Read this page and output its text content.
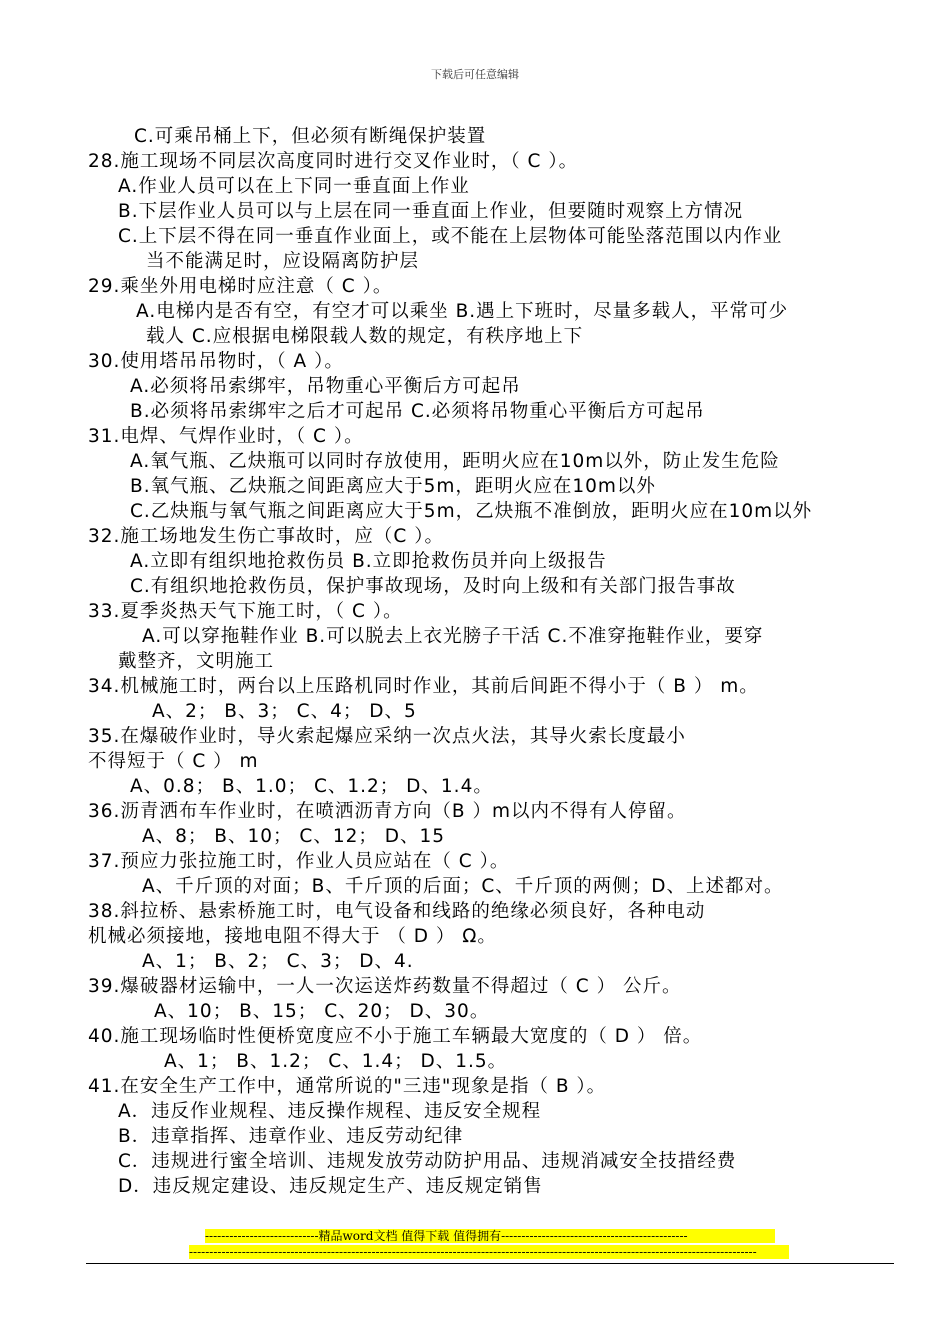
下载后可任意编辑
C.可乘吊桶上下，但必须有断绳保护装置
28.施工现场不同层次高度同时进行交叉作业时，（ C ）。
A.作业人员可以在上下同一垂直面上作业
B.下层作业人员可以与上层在同一垂直面上作业，但要随时观察上方情况
C.上下层不得在同一垂直作业面上，或不能在上层物体可能坠落范围以内作业
当不能满足时，应设隔离防护层
29.乘坐外用电梯时应注意（ C ）。
A.电梯内是否有空，有空才可以乘坐 B.遇上下班时，尽量多载人，平常可少
载人 C.应根据电梯限载人数的规定，有秩序地上下
30.使用塔吊吊物时，（ A ）。
A.必须将吊索绑牢，吊物重心平衡后方可起吊
B.必须将吊索绑牢之后才可起吊 C.必须将吊物重心平衡后方可起吊
31.电焊、气焊作业时，（ C ）。
A.氧气瓶、乙炔瓶可以同时存放使用，距明火应在10m以外，防止发生危险
B.氧气瓶、乙炔瓶之间距离应大于5m，距明火应在10m以外
C.乙炔瓶与氧气瓶之间距离应大于5m，乙炔瓶不准倒放，距明火应在10m以外
32.施工场地发生伤亡事故时，应（C ）。
A.立即有组织地抢救伤员 B.立即抢救伤员并向上级报告
C.有组织地抢救伤员，保护事故现场，及时向上级和有关部门报告事故
33.夏季炎热天气下施工时，（ C ）。
A.可以穿拖鞋作业 B.可以脱去上衣光膀子干活 C.不准穿拖鞋作业，要穿
戴整齐，文明施工
34.机械施工时，两台以上压路机同时作业，其前后间距不得小于（ B ） m。
A、2； B、3； C、4； D、5
35.在爆破作业时，导火索起爆应采纳一次点火法，其导火索长度最小
不得短于（ C ） m
A、0.8； B、1.0； C、1.2； D、1.4。
36.沥青洒布车作业时，在喷洒沥青方向（B ）m以内不得有人停留。
A、8； B、10； C、12； D、15
37.预应力张拉施工时，作业人员应站在（ C ）。
A、千斤顶的对面；B、千斤顶的后面；C、千斤顶的两侧；D、上述都对。
38.斜拉桥、悬索桥施工时，电气设备和线路的绝缘必须良好，各种电动
机械必须接地，接地电阻不得大于 （ D ） Ω。
A、1； B、2； C、3； D、4.
39.爆破器材运输中，一人一次运送炸药数量不得超过（ C ） 公斤。
A、10； B、15； C、20； D、30。
40.施工现场临时性便桥宽度应不小于施工车辆最大宽度的（ D ） 倍。
A、1； B、1.2； C、1.4； D、1.5。
41.在安全生产工作中，通常所说的"三违"现象是指（ B ）。
A．违反作业规程、违反操作规程、违反安全规程
B．违章指挥、违章作业、违反劳动纪律
C．违规进行蜜全培训、违规发放劳动防护用品、违规消减安全技措经费
D．违反规定建设、违反规定生产、违反规定销售
----------------------------精品word文档 值得下载 值得拥有----------------------------------------------
--------------------------------------------------------------------------------------------------------------------------------------------
